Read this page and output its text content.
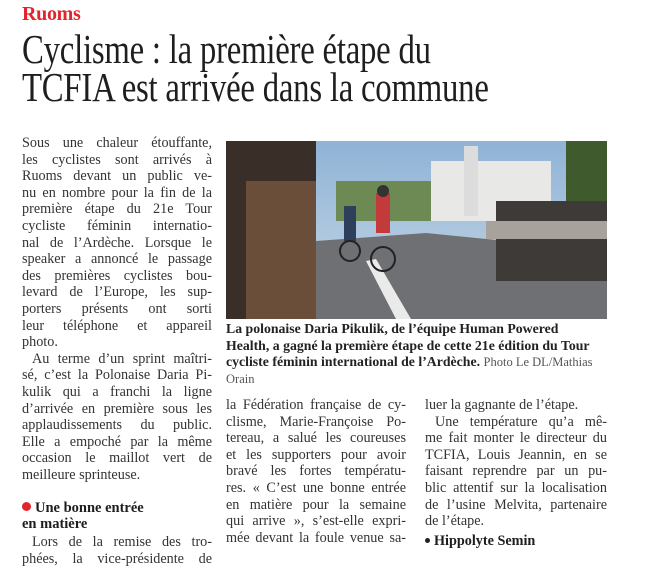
Ruoms
Cyclisme : la première étape du
TCFIA est arrivée dans la commune
Sous une chaleur étouffante,
les cyclistes sont arrivés à
Ruoms devant un public ve-
nu en nombre pour la fin de la
première étape du 21e Tour
cycliste féminin internatio-
nal de l’Ardèche. Lorsque le
speaker a annoncé le passage
des premières cyclistes bou-
levard de l’Europe, les sup-
porters présents ont sorti
leur téléphone et appareil
photo.
Au terme d’un sprint maîtri-
sé, c’est la Polonaise Daria Pi-
kulik qui a franchi la ligne
d’arrivée en première sous les
applaudissements du public.
Elle a empoché par la même
occasion le maillot vert de
meilleure sprinteuse.
Une bonne entrée
en matière
Lors de la remise des tro-
phées, la vice-présidente de
La polonaise Daria Pikulik, de l’équipe Human Powered
Health, a gagné la première étape de cette 21e édition du Tour
cycliste féminin international de l’Ardèche. Photo Le DL/Mathias Orain
la Fédération française de cy-
clisme, Marie-Françoise Po-
tereau, a salué les coureuses
et les supporters pour avoir
bravé les fortes températu-
res. « C’est une bonne entrée
en matière pour la semaine
qui arrive », s’est-elle expri-
mée devant la foule venue sa-
luer la gagnante de l’étape.
Une température qu’a mê-
me fait monter le directeur du
TCFIA, Louis Jeannin, en se
faisant reprendre par un pu-
blic attentif sur la localisation
de l’usine Melvita, partenaire
de l’étape.
Hippolyte Semin
